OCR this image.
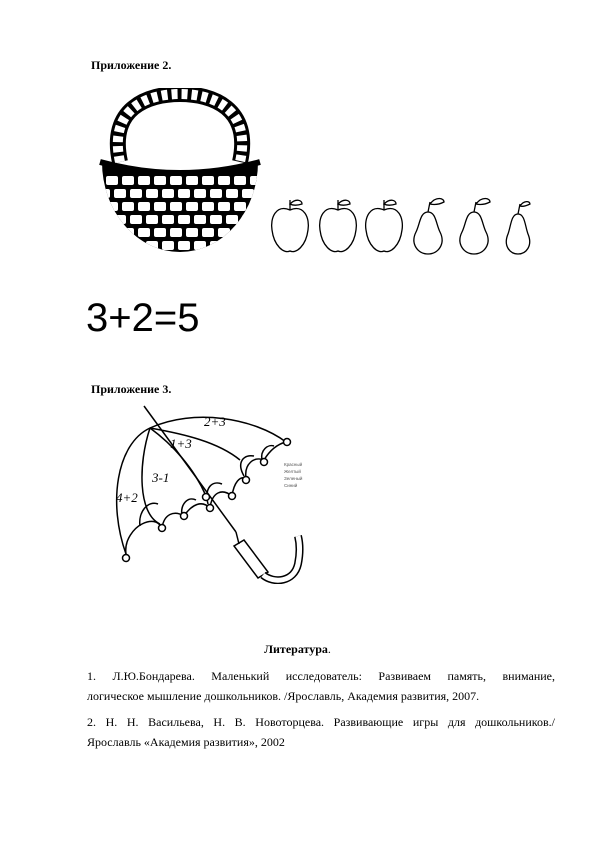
Приложение 2.
3+2=5
Приложение 3.
2+3
1+3
3-1
4+2
Красный
Желтый
Зеленый
Синий
Литература.
1. Л.Ю.Бондарева. Маленький исследователь: Развиваем память, внимание,
логическое мышление дошкольников. /Ярославль, Академия развития, 2007.
2. Н. Н. Васильева, Н. В. Новоторцева. Развивающие игры для дошкольников./
Ярославль «Академия развития», 2002
